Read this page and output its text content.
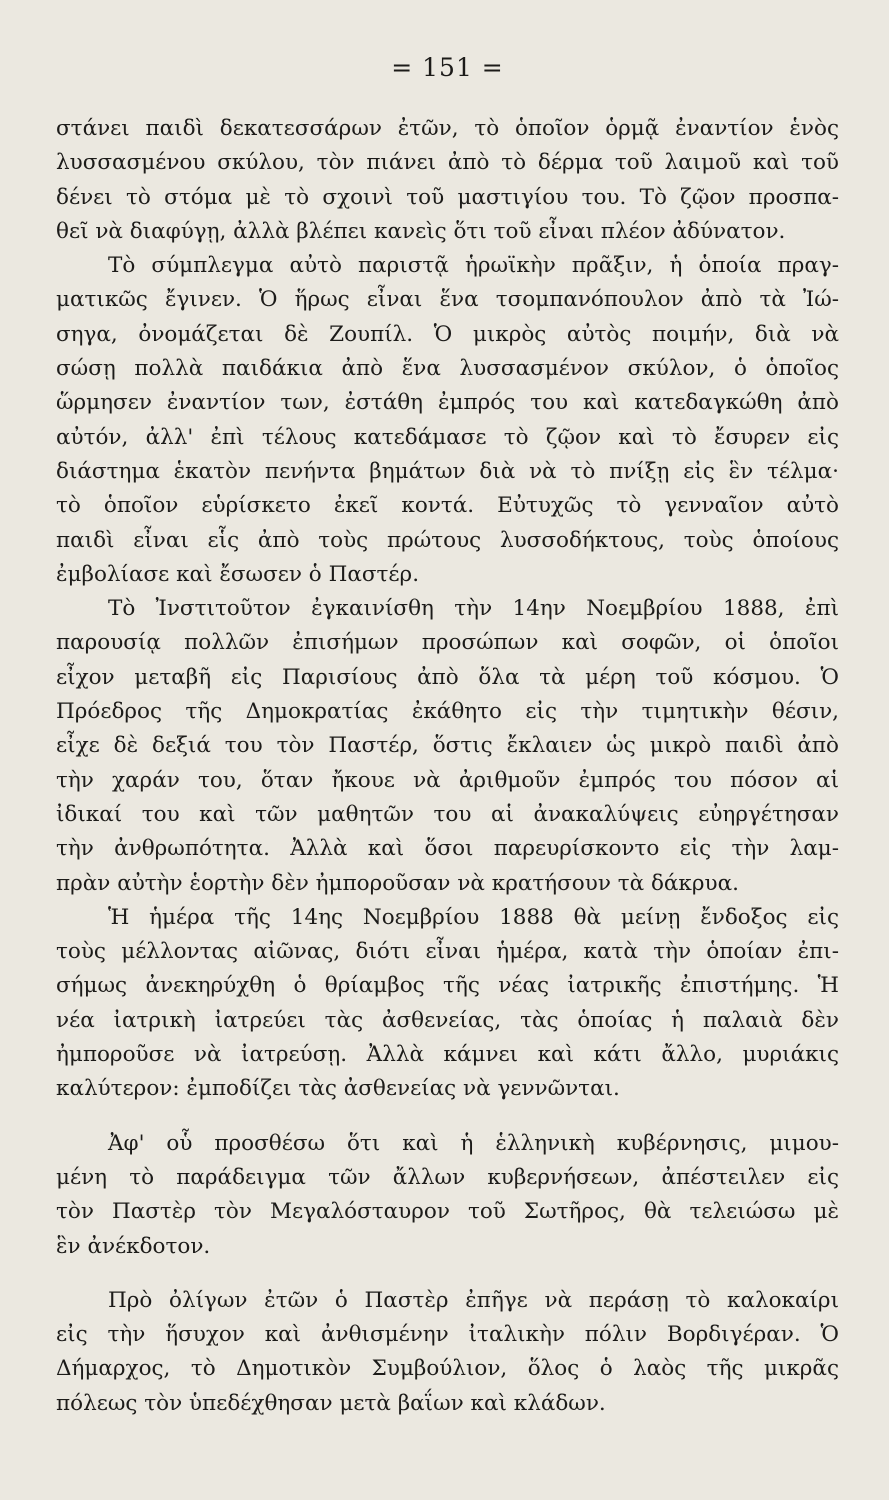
= 151 =
στάνει παιδὶ δεκατεσσάρων ἐτῶν, τὸ ὁποῖον ὁρμᾷ ἐναντίον ἑνὸς
λυσσασμένου σκύλου, τὸν πιάνει ἀπὸ τὸ δέρμα τοῦ λαιμοῦ καὶ τοῦ
δένει τὸ στόμα μὲ τὸ σχοινὶ τοῦ μαστιγίου του. Τὸ ζῷον προσπα-
θεῖ νὰ διαφύγῃ, ἀλλὰ βλέπει κανεὶς ὅτι τοῦ εἶναι πλέον ἀδύνατον.
Τὸ σύμπλεγμα αὐτὸ παριστᾷ ἡρωϊκὴν πρᾶξιν, ἡ ὁποία πραγ-
ματικῶς ἔγινεν. Ὁ ἥρως εἶναι ἕνα τσομπανόπουλον ἀπὸ τὰ Ἰώ-
σηγα, ὀνομάζεται δὲ Ζουπίλ. Ὁ μικρὸς αὐτὸς ποιμήν, διὰ νὰ
σώσῃ πολλὰ παιδάκια ἀπὸ ἕνα λυσσασμένον σκύλον, ὁ ὁποῖος
ὥρμησεν ἐναντίον των, ἐστάθη ἐμπρός του καὶ κατεδαγκώθη ἀπὸ
αὐτόν, ἀλλ' ἐπὶ τέλους κατεδάμασε τὸ ζῷον καὶ τὸ ἔσυρεν εἰς
διάστημα ἑκατὸν πενήντα βημάτων διὰ νὰ τὸ πνίξῃ εἰς ἓν τέλμα·
τὸ ὁποῖον εὑρίσκετο ἐκεῖ κοντά. Εὐτυχῶς τὸ γενναῖον αὐτὸ
παιδὶ εἶναι εἷς ἀπὸ τοὺς πρώτους λυσσοδήκτους, τοὺς ὁποίους
ἐμβολίασε καὶ ἔσωσεν ὁ Παστέρ.
Τὸ Ἰνστιτοῦτον ἐγκαινίσθη τὴν 14ην Νοεμβρίου 1888, ἐπὶ
παρουσίᾳ πολλῶν ἐπισήμων προσώπων καὶ σοφῶν, οἱ ὁποῖοι
εἶχον μεταβῆ εἰς Παρισίους ἀπὸ ὅλα τὰ μέρη τοῦ κόσμου. Ὁ
Πρόεδρος τῆς Δημοκρατίας ἐκάθητο εἰς τὴν τιμητικὴν θέσιν,
εἶχε δὲ δεξιά του τὸν Παστέρ, ὅστις ἔκλαιεν ὡς μικρὸ παιδὶ ἀπὸ
τὴν χαράν του, ὅταν ἤκουε νὰ ἀριθμοῦν ἐμπρός του πόσον αἱ
ἰδικαί του καὶ τῶν μαθητῶν του αἱ ἀνακαλύψεις εὐηργέτησαν
τὴν ἀνθρωπότητα. Ἀλλὰ καὶ ὅσοι παρευρίσκοντο εἰς τὴν λαμ-
πρὰν αὐτὴν ἑορτὴν δὲν ἠμποροῦσαν νὰ κρατήσουν τὰ δάκρυα.
Ἡ ἡμέρα τῆς 14ης Νοεμβρίου 1888 θὰ μείνῃ ἔνδοξος εἰς
τοὺς μέλλοντας αἰῶνας, διότι εἶναι ἡμέρα, κατὰ τὴν ὁποίαν ἐπι-
σήμως ἀνεκηρύχθη ὁ θρίαμβος τῆς νέας ἰατρικῆς ἐπιστήμης. Ἡ
νέα ἰατρικὴ ἰατρεύει τὰς ἀσθενείας, τὰς ὁποίας ἡ παλαιὰ δὲν
ἠμποροῦσε νὰ ἰατρεύσῃ. Ἀλλὰ κάμνει καὶ κάτι ἄλλο, μυριάκις
καλύτερον: ἐμποδίζει τὰς ἀσθενείας νὰ γεννῶνται.
Ἀφ' οὗ προσθέσω ὅτι καὶ ἡ ἑλληνικὴ κυβέρνησις, μιμου-
μένη τὸ παράδειγμα τῶν ἄλλων κυβερνήσεων, ἀπέστειλεν εἰς
τὸν Παστὲρ τὸν Μεγαλόσταυρον τοῦ Σωτῆρος, θὰ τελειώσω μὲ
ἓν ἀνέκδοτον.
Πρὸ ὀλίγων ἐτῶν ὁ Παστὲρ ἐπῆγε νὰ περάσῃ τὸ καλοκαίρι
εἰς τὴν ἥσυχον καὶ ἀνθισμένην ἰταλικὴν πόλιν Βορδιγέραν. Ὁ
Δήμαρχος, τὸ Δημοτικὸν Συμβούλιον, ὅλος ὁ λαὸς τῆς μικρᾶς
πόλεως τὸν ὑπεδέχθησαν μετὰ βαΐων καὶ κλάδων.
